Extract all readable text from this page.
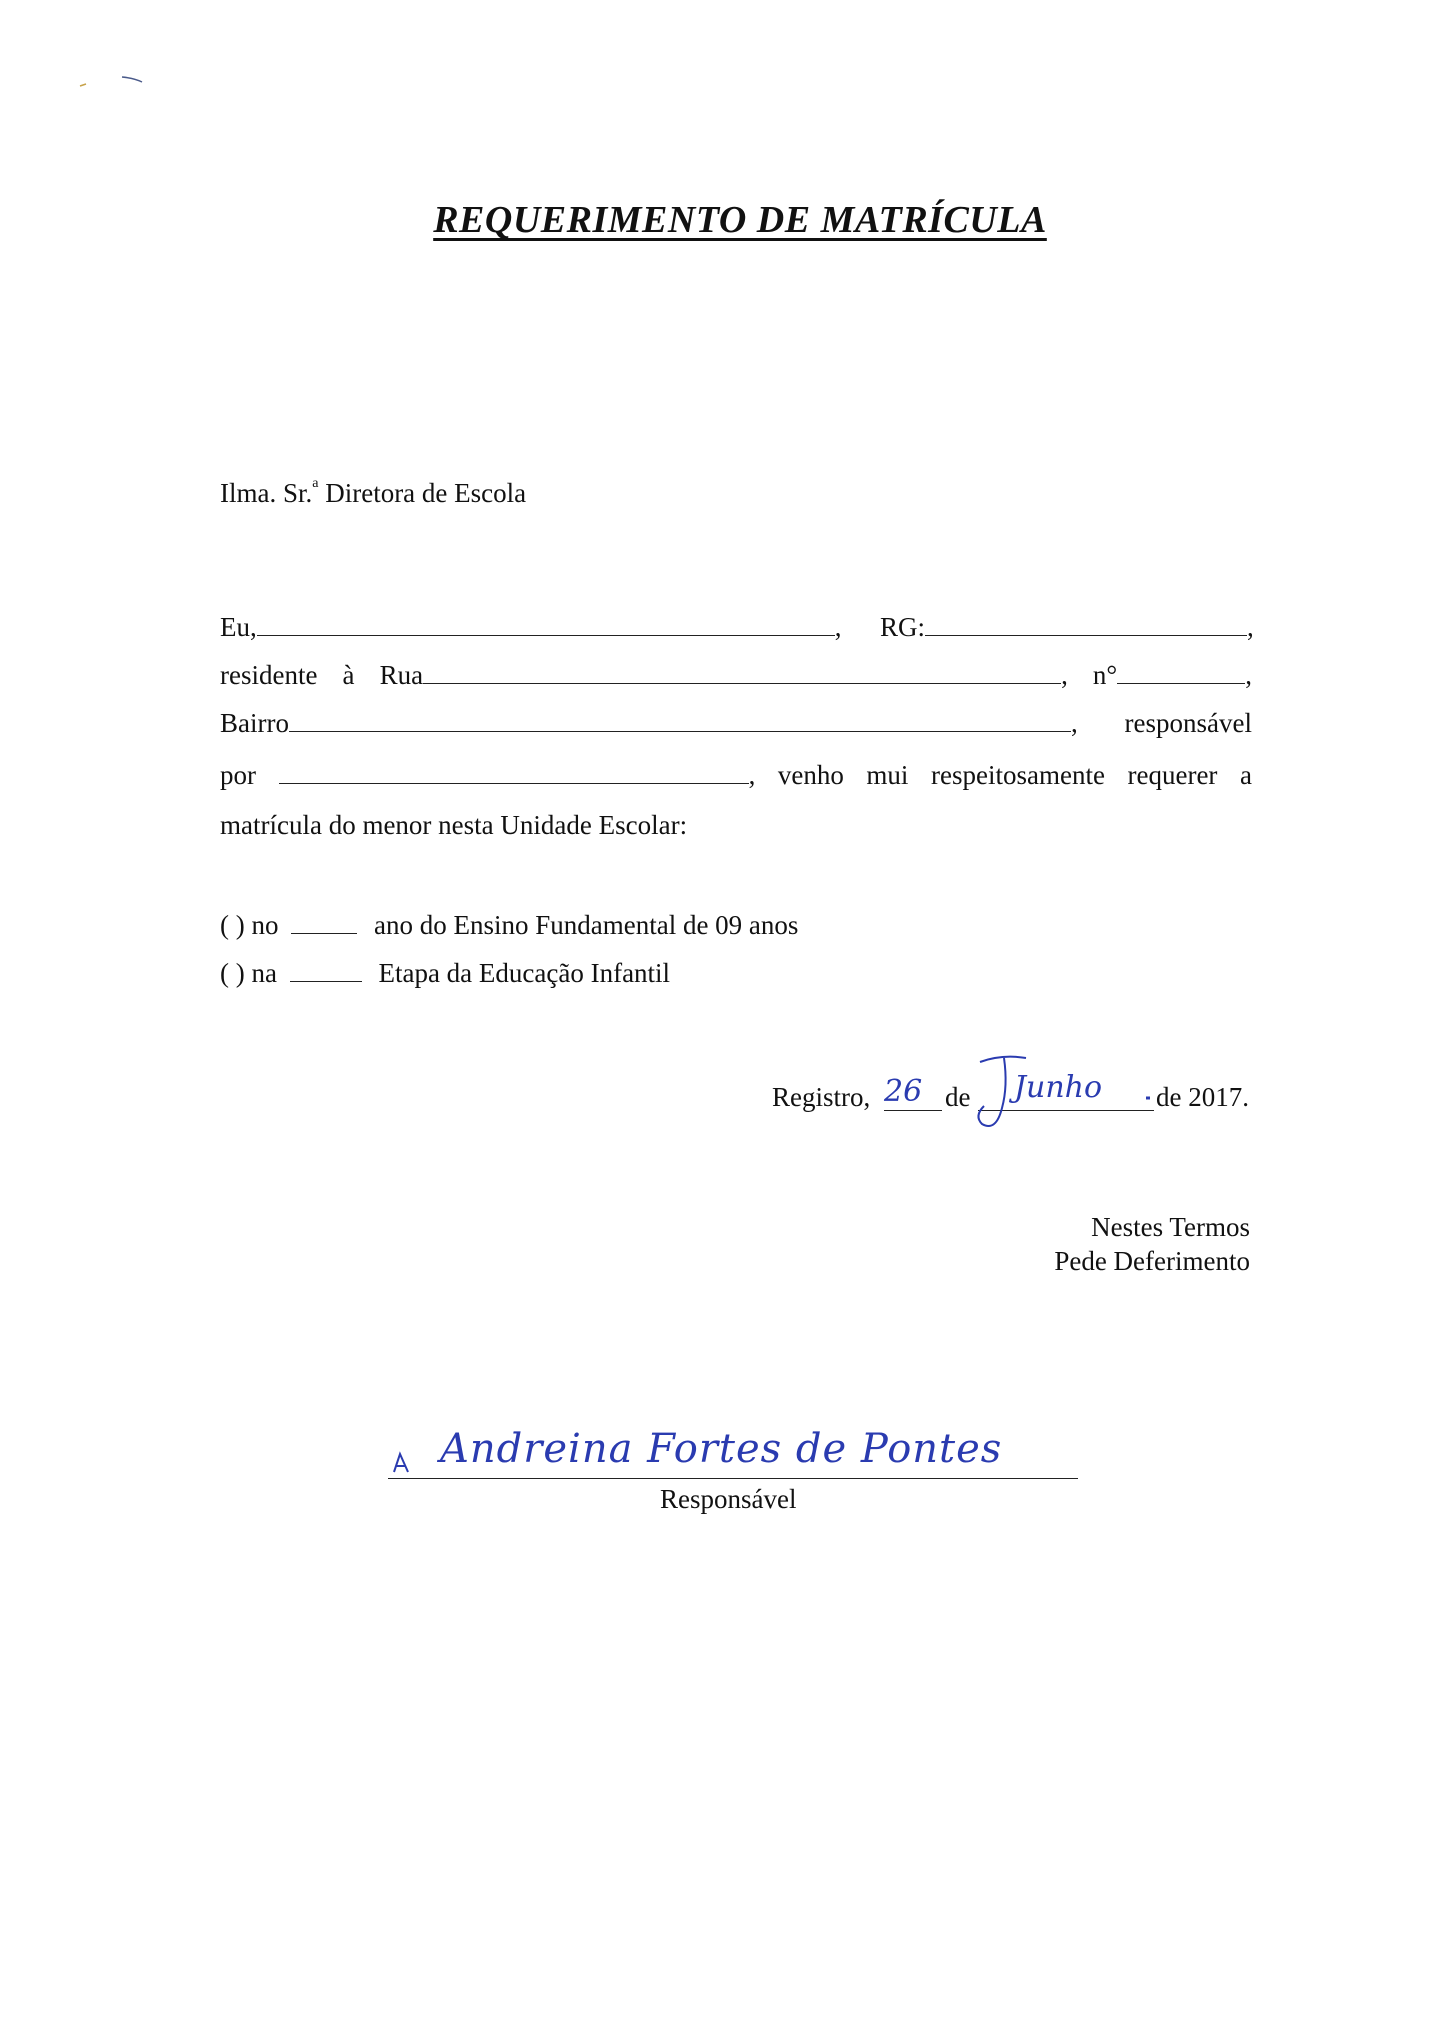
REQUERIMENTO DE MATRÍCULA
Ilma. Sr.$^a$ Diretora de Escola
Eu,	, RG:	,
residente à Rua	, n°	,
Bairro	, responsável
por	, venho mui respeitosamente requerer a
matrícula do menor nesta Unidade Escolar:
( ) no	ano do Ensino Fundamental de 09 anos
( ) na	Etapa da Educação Infantil
Registro,	de	de 2017.
26	Junho
Nestes Termos
Pede Deferimento
Andreina Fortes de Pontes
Responsável
